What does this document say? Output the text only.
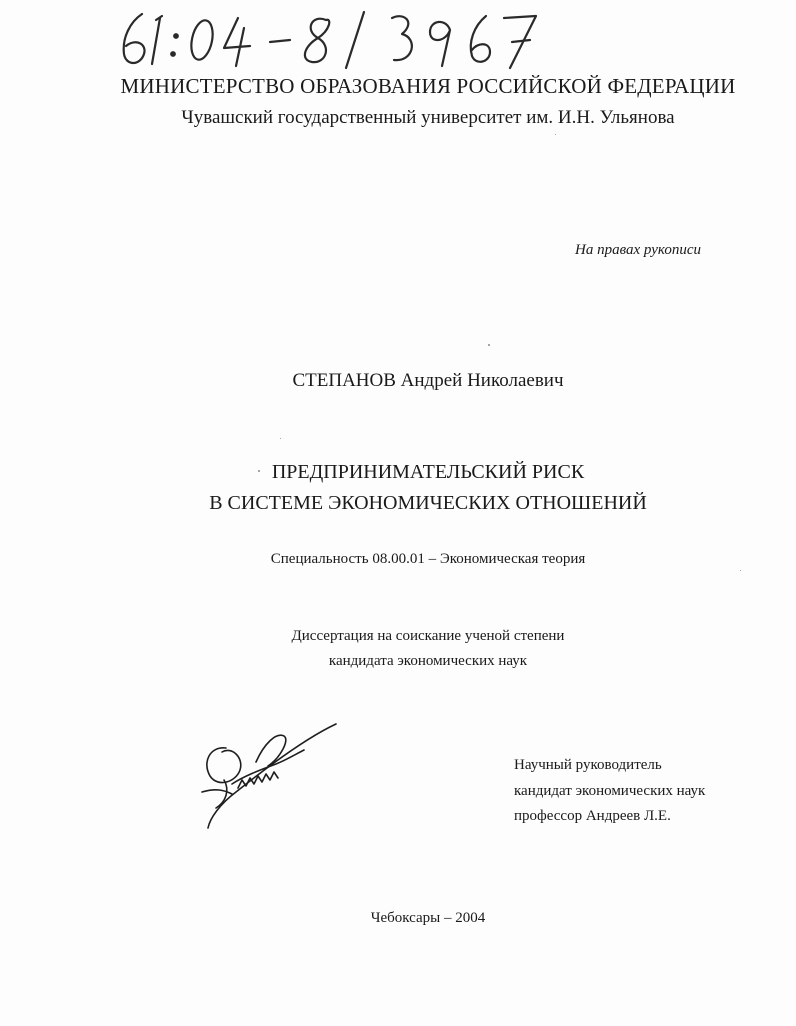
МИНИСТЕРСТВО ОБРАЗОВАНИЯ РОССИЙСКОЙ ФЕДЕРАЦИИ
Чувашский государственный университет им. И.Н. Ульянова
На правах рукописи
СТЕПАНОВ Андрей Николаевич
ПРЕДПРИНИМАТЕЛЬСКИЙ РИСК
В СИСТЕМЕ ЭКОНОМИЧЕСКИХ ОТНОШЕНИЙ
Специальность 08.00.01 – Экономическая теория
Диссертация на соискание ученой степени
кандидата экономических наук
Научный руководитель
кандидат экономических наук
профессор Андреев Л.Е.
Чебоксары – 2004
